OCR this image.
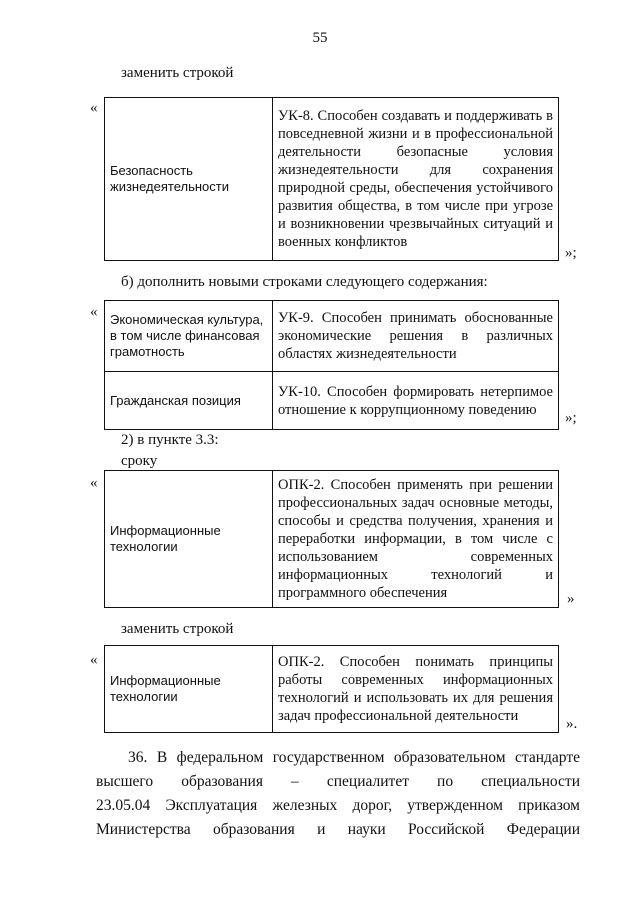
55
заменить строкой
«
Безопасность жизнедеятельности	УК-8. Способен создавать и поддерживать в повседневной жизни и в профессиональной деятельности безопасные условия жизнедеятельности для сохранения природной среды, обеспечения устойчивого развития общества, в том числе при угрозе и возникновении чрезвычайных ситуаций и военных конфликтов
»;
б) дополнить новыми строками следующего содержания:
« Экономическая культура, в том числе финансовая грамотность	УК-9. Способен принимать обоснованные экономические решения в различных областях жизнедеятельности
Гражданская позиция	УК-10. Способен формировать нетерпимое отношение к коррупционному поведению
»;
2) в пункте 3.3:
сроку
«
Информационные технологии	ОПК-2. Способен применять при решении профессиональных задач основные методы, способы и средства получения, хранения и переработки информации, в том числе с использованием современных информационных технологий и программного обеспечения	»
заменить строкой
«
Информационные технологии	ОПК-2. Способен понимать принципы работы современных информационных технологий и использовать их для решения задач профессиональной деятельности	».
36. В федеральном государственном образовательном стандарте
высшего образования – специалитет по специальности
23.05.04 Эксплуатация железных дорог, утвержденном приказом
Министерства образования и науки Российской Федерации
